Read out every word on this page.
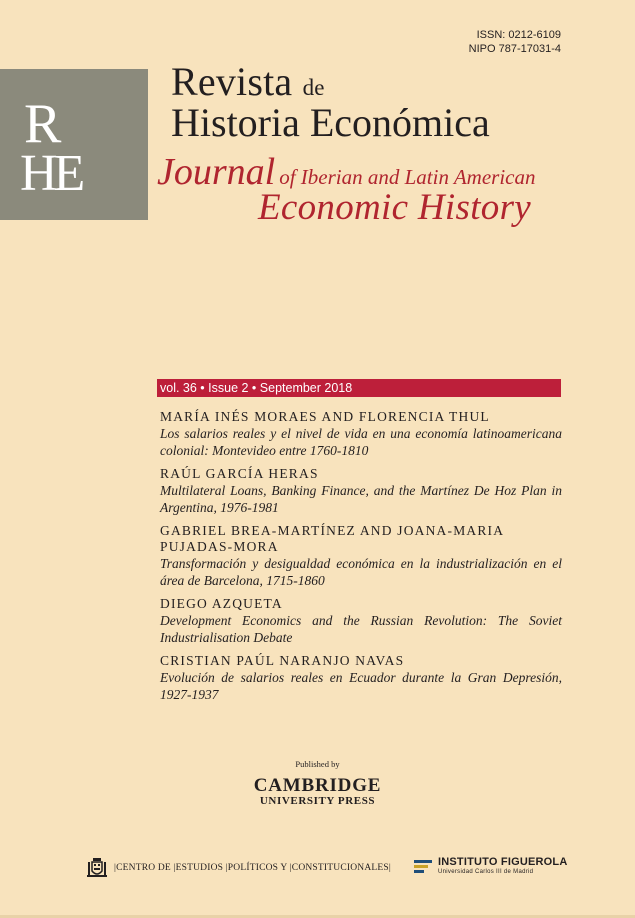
ISSN: 0212-6109
NIPO 787-17031-4
R
HE
Revista de
Historia Económica
Journal of Iberian and Latin American
Economic History
vol. 36 • Issue 2 • September 2018
MARÍA INÉS MORAES AND FLORENCIA THUL
Los salarios reales y el nivel de vida en una economía latinoamericana colonial: Montevideo entre 1760-1810
RAÚL GARCÍA HERAS
Multilateral Loans, Banking Finance, and the Martínez De Hoz Plan in Argentina, 1976-1981
GABRIEL BREA-MARTÍNEZ AND JOANA-MARIA PUJADAS-MORA
Transformación y desigualdad económica en la industrialización en el área de Barcelona, 1715-1860
DIEGO AZQUETA
Development Economics and the Russian Revolution: The Soviet Industrialisation Debate
CRISTIAN PAÚL NARANJO NAVAS
Evolución de salarios reales en Ecuador durante la Gran Depresión, 1927-1937
Published by
CAMBRIDGE
UNIVERSITY PRESS
|CENTRO DE |ESTUDIOS |POLÍTICOS Y |CONSTITUCIONALES|	INSTITUTO FIGUEROLA
Universidad Carlos III de Madrid
